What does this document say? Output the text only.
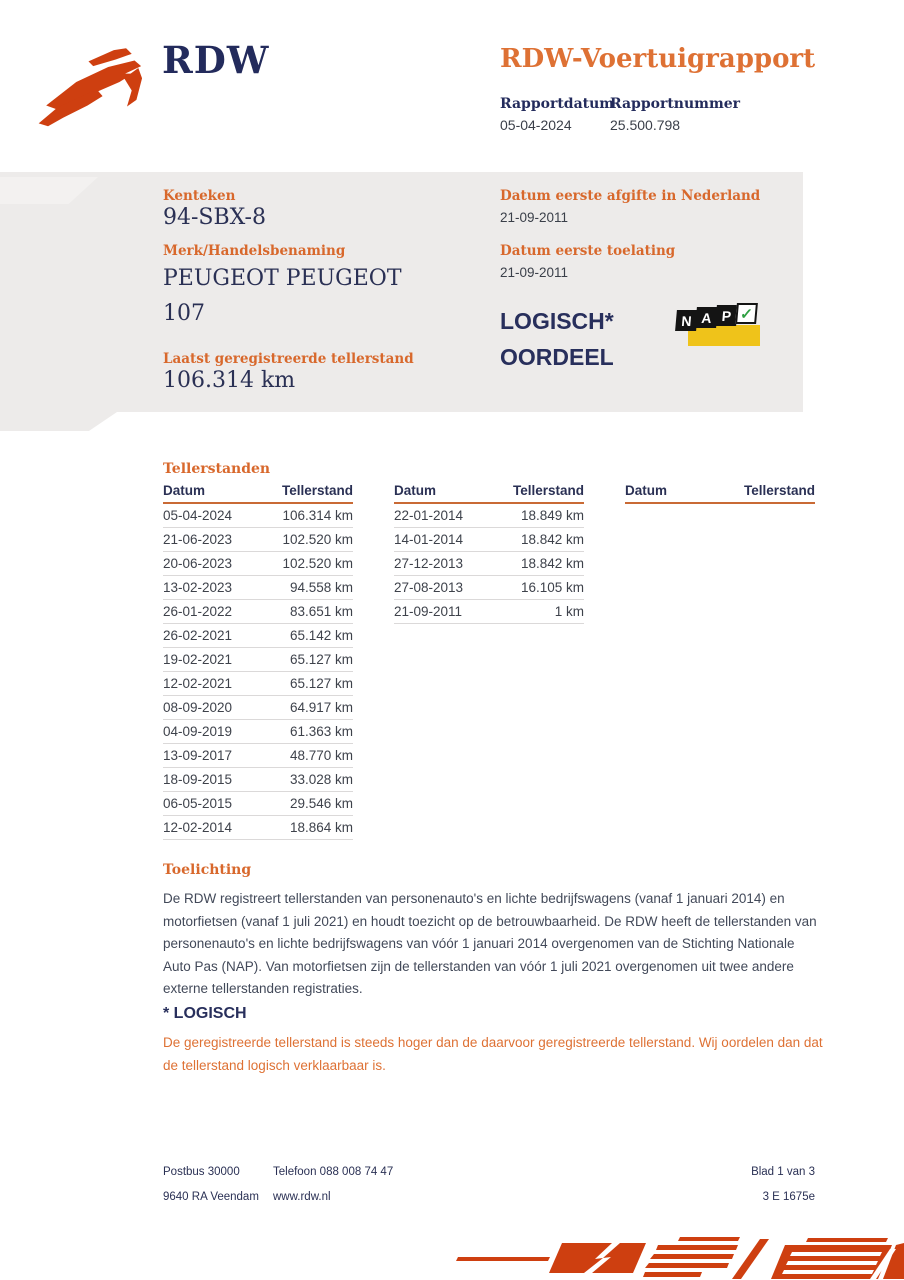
RDW	RDW-Voertuigrapport
Rapportdatum
05-04-2024
Rapportnummer
25.500.798
Kenteken
94-SBX-8
Merk/Handelsbenaming
PEUGEOT PEUGEOT 107
Laatst geregistreerde tellerstand
106.314 km
Datum eerste afgifte in Nederland
21-09-2011
Datum eerste toelating
21-09-2011
LOGISCH*
OORDEEL
N A P ✓
Tellerstanden
Datum	Tellerstand
05-04-2024	106.314 km
21-06-2023	102.520 km
20-06-2023	102.520 km
13-02-2023	94.558 km
26-01-2022	83.651 km
26-02-2021	65.142 km
19-02-2021	65.127 km
12-02-2021	65.127 km
08-09-2020	64.917 km
04-09-2019	61.363 km
13-09-2017	48.770 km
18-09-2015	33.028 km
06-05-2015	29.546 km
12-02-2014	18.864 km
Datum	Tellerstand
22-01-2014	18.849 km
14-01-2014	18.842 km
27-12-2013	18.842 km
27-08-2013	16.105 km
21-09-2011	1 km
Datum	Tellerstand
Toelichting
De RDW registreert tellerstanden van personenauto's en lichte bedrijfswagens (vanaf 1 januari 2014) en motorfietsen (vanaf 1 juli 2021) en houdt toezicht op de betrouwbaarheid. De RDW heeft de tellerstanden van personenauto's en lichte bedrijfswagens van vóór 1 januari 2014 overgenomen van de Stichting Nationale Auto Pas (NAP). Van motorfietsen zijn de tellerstanden van vóór 1 juli 2021 overgenomen uit twee andere externe tellerstanden registraties.
* LOGISCH
De geregistreerde tellerstand is steeds hoger dan de daarvoor geregistreerde tellerstand. Wij oordelen dan dat de tellerstand logisch verklaarbaar is.
Postbus 30000
9640 RA Veendam
Telefoon 088 008 74 47
www.rdw.nl
Blad 1 van 3
3 E 1675e
